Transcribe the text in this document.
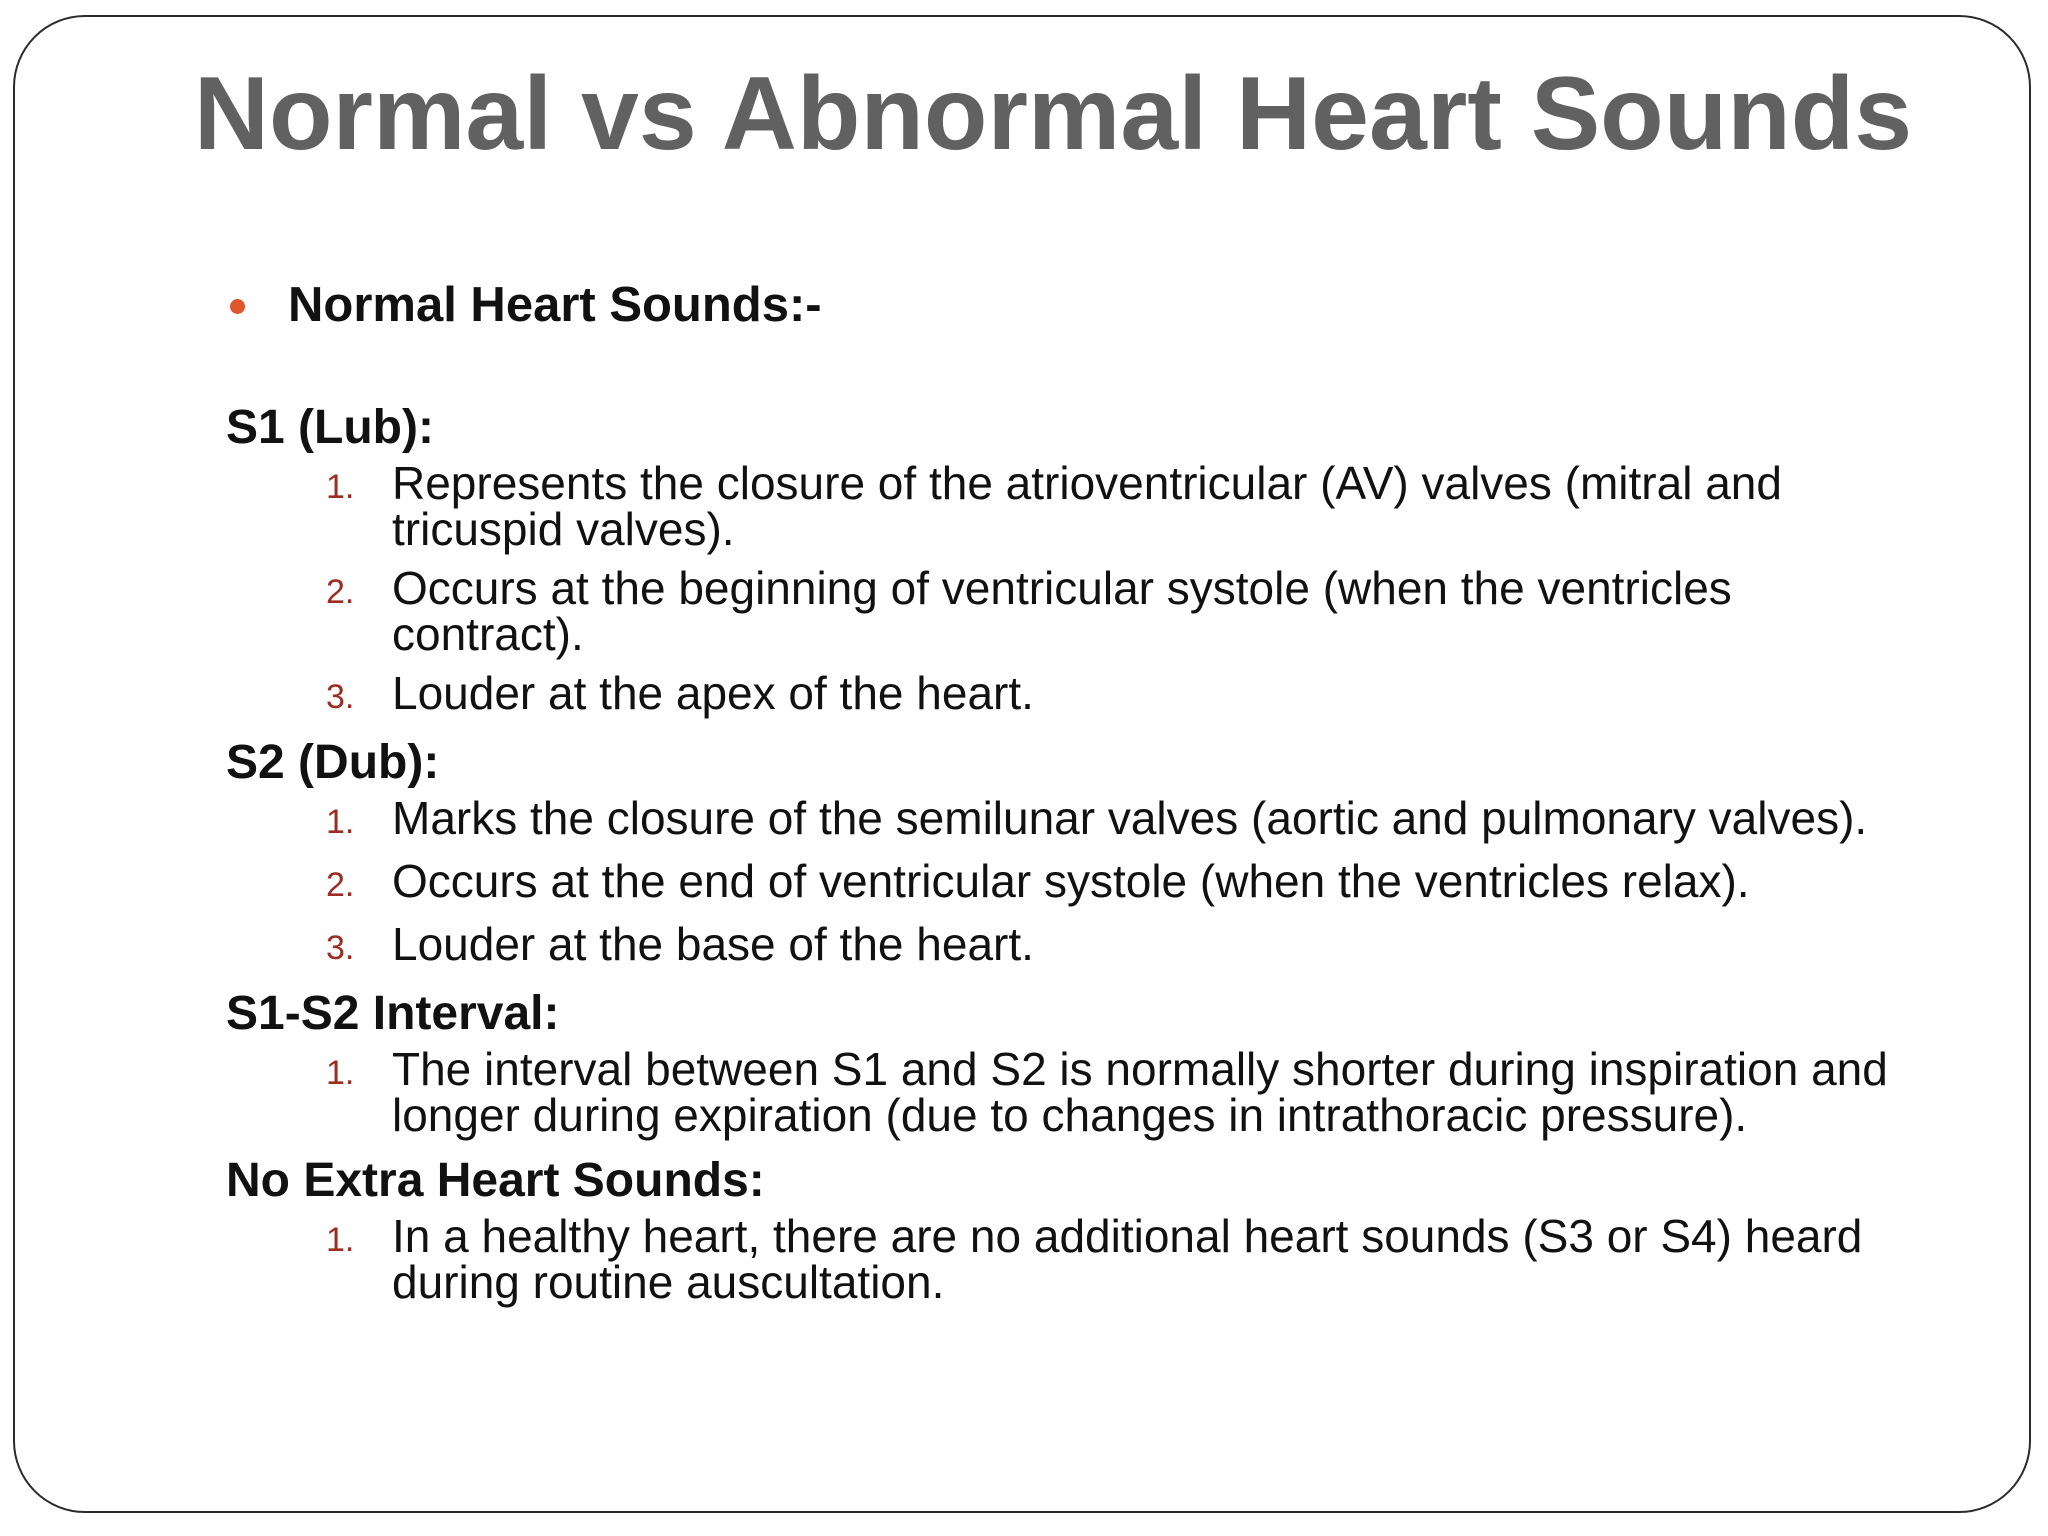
Normal vs Abnormal Heart Sounds
Normal Heart Sounds:-
S1 (Lub):
1. Represents the closure of the atrioventricular (AV) valves (mitral and tricuspid valves).
2. Occurs at the beginning of ventricular systole (when the ventricles contract).
3. Louder at the apex of the heart.
S2 (Dub):
1. Marks the closure of the semilunar valves (aortic and pulmonary valves).
2. Occurs at the end of ventricular systole (when the ventricles relax).
3. Louder at the base of the heart.
S1-S2 Interval:
1. The interval between S1 and S2 is normally shorter during inspiration and longer during expiration (due to changes in intrathoracic pressure).
No Extra Heart Sounds:
1. In a healthy heart, there are no additional heart sounds (S3 or S4) heard during routine auscultation.
